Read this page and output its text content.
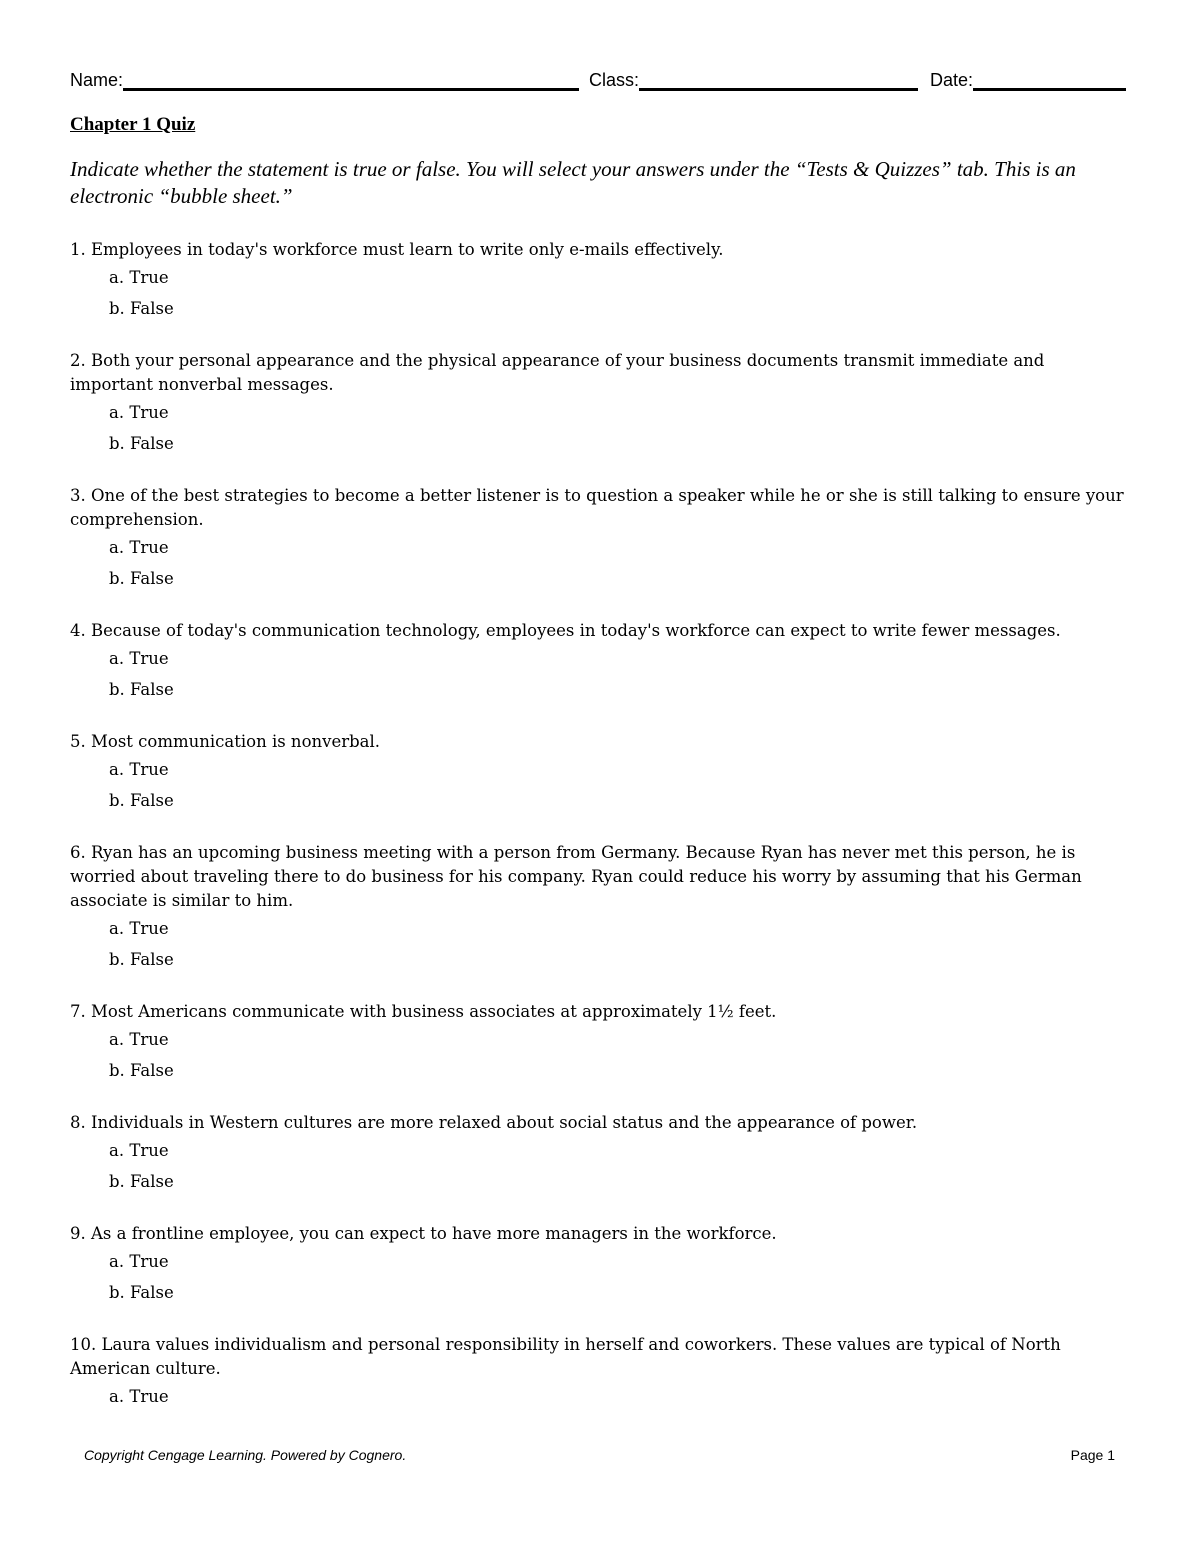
Name:	Class:	Date:
Chapter 1 Quiz
Indicate whether the statement is true or false. You will select your answers under the “Tests & Quizzes” tab. This is an electronic “bubble sheet.”
1. Employees in today's workforce must learn to write only e-mails effectively.
a. True
b. False
2. Both your personal appearance and the physical appearance of your business documents transmit immediate and important nonverbal messages.
a. True
b. False
3. One of the best strategies to become a better listener is to question a speaker while he or she is still talking to ensure your comprehension.
a. True
b. False
4. Because of today's communication technology, employees in today's workforce can expect to write fewer messages.
a. True
b. False
5. Most communication is nonverbal.
a. True
b. False
6. Ryan has an upcoming business meeting with a person from Germany. Because Ryan has never met this person, he is worried about traveling there to do business for his company. Ryan could reduce his worry by assuming that his German associate is similar to him.
a. True
b. False
7. Most Americans communicate with business associates at approximately 1½ feet.
a. True
b. False
8. Individuals in Western cultures are more relaxed about social status and the appearance of power.
a. True
b. False
9. As a frontline employee, you can expect to have more managers in the workforce.
a. True
b. False
10. Laura values individualism and personal responsibility in herself and coworkers. These values are typical of North American culture.
a. True
Copyright Cengage Learning. Powered by Cognero.	Page 1
